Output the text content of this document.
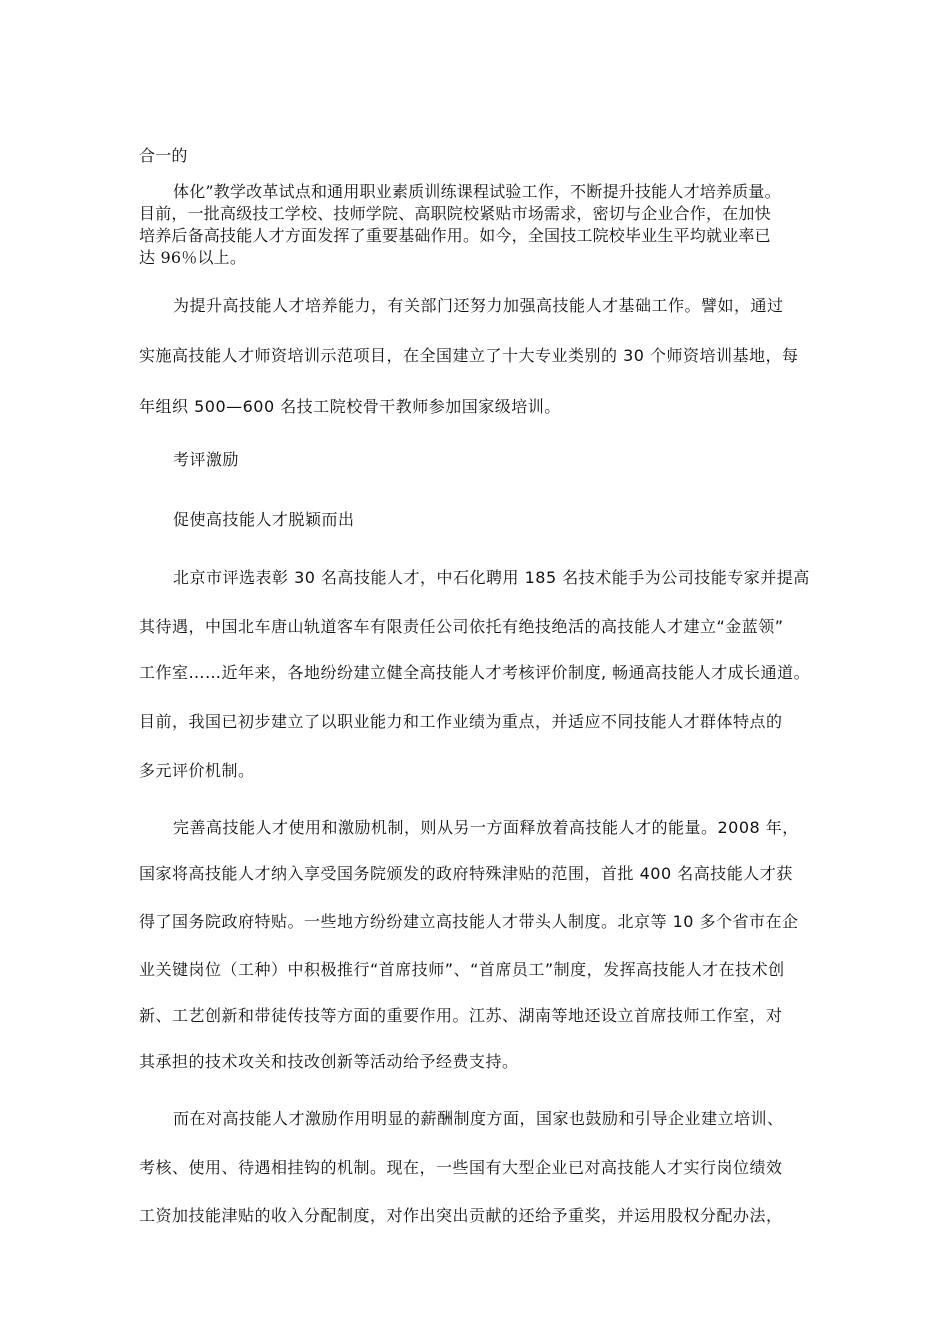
合一的
体化”教学改革试点和通用职业素质训练课程试验工作，不断提升技能人才培养质量。
目前，一批高级技工学校、技师学院、高职院校紧贴市场需求，密切与企业合作，在加快
培养后备高技能人才方面发挥了重要基础作用。如今，全国技工院校毕业生平均就业率已
达 96％以上。
为提升高技能人才培养能力，有关部门还努力加强高技能人才基础工作。譬如，通过
实施高技能人才师资培训示范项目，在全国建立了十大专业类别的 30 个师资培训基地，每
年组织 500—600 名技工院校骨干教师参加国家级培训。
考评激励
促使高技能人才脱颖而出
北京市评选表彰 30 名高技能人才，中石化聘用 185 名技术能手为公司技能专家并提高
其待遇，中国北车唐山轨道客车有限责任公司依托有绝技绝活的高技能人才建立“金蓝领”
工作室……近年来，各地纷纷建立健全高技能人才考核评价制度, 畅通高技能人才成长通道。
目前，我国已初步建立了以职业能力和工作业绩为重点，并适应不同技能人才群体特点的
多元评价机制。
完善高技能人才使用和激励机制，则从另一方面释放着高技能人才的能量。2008 年，
国家将高技能人才纳入享受国务院颁发的政府特殊津贴的范围，首批 400 名高技能人才获
得了国务院政府特贴。一些地方纷纷建立高技能人才带头人制度。北京等 10 多个省市在企
业关键岗位（工种）中积极推行“首席技师”、“首席员工”制度，发挥高技能人才在技术创
新、工艺创新和带徒传技等方面的重要作用。江苏、湖南等地还设立首席技师工作室，对
其承担的技术攻关和技改创新等活动给予经费支持。
而在对高技能人才激励作用明显的薪酬制度方面，国家也鼓励和引导企业建立培训、
考核、使用、待遇相挂钩的机制。现在，一些国有大型企业已对高技能人才实行岗位绩效
工资加技能津贴的收入分配制度，对作出突出贡献的还给予重奖，并运用股权分配办法，
